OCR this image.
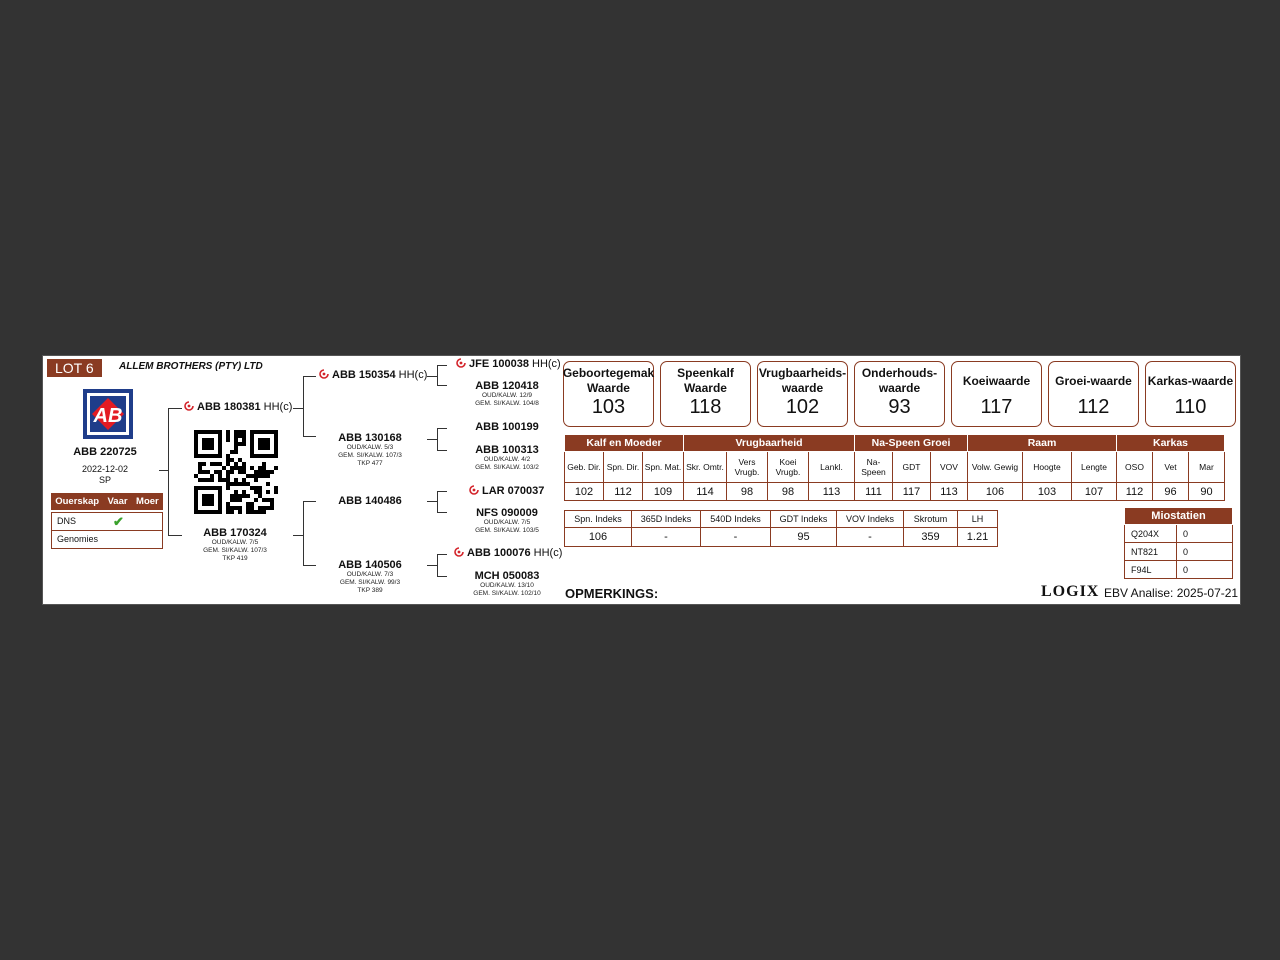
LOT 6	ALLEM BROTHERS (PTY) LTD
AB
ABB 220725
2022-12-02
SP
Ouerskap Vaar Moer
DNS	✔
Genomies
ABB 180381 HH(c)
ABB 170324
OUD/KALW. 7/5
GEM. SI/KALW. 107/3
TKP 419
ABB 150354 HH(c)
ABB 130168
OUD/KALW. 5/3
GEM. SI/KALW. 107/3
TKP 477
ABB 140486
ABB 140506
OUD/KALW. 7/3
GEM. SI/KALW. 99/3
TKP 389
JFE 100038 HH(c)
ABB 120418
OUD/KALW. 12/9
GEM. SI/KALW. 104/8
ABB 100199
ABB 100313
OUD/KALW. 4/2
GEM. SI/KALW. 103/2
LAR 070037
NFS 090009
OUD/KALW. 7/5
GEM. SI/KALW. 103/5
ABB 100076 HH(c)
MCH 050083
OUD/KALW. 13/10
GEM. SI/KALW. 102/10
Geboortegemak Waarde
103
Speenkalf Waarde
118
Vrugbaarheids-waarde
102
Onderhouds-waarde
93
Koeiwaarde
117
Groei-waarde
112
Karkas-waarde
110
Kalf en Moeder			Vrugbaarheid				Na-Speen Groei			Raam			Karkas		
Geb. Dir.	Spn. Dir.	Spn. Mat.	Skr. Omtr.	Vers Vrugb.	Koei Vrugb.	Lankl.	Na-Speen	GDT	VOV	Volw. Gewig	Hoogte	Lengte	OSO	Vet	Mar
102	112	109	114	98	98	113	111	117	113	106	103	107	112	96	90
Spn. Indeks	365D Indeks	540D Indeks	GDT Indeks	VOV Indeks	Skrotum	LH
106	-	-	95	-	359	1.21
Miostatien	
Q204X	0
NT821	0
F94L	0
OPMERKINGS:	LOGIX EBV Analise: 2025-07-21
